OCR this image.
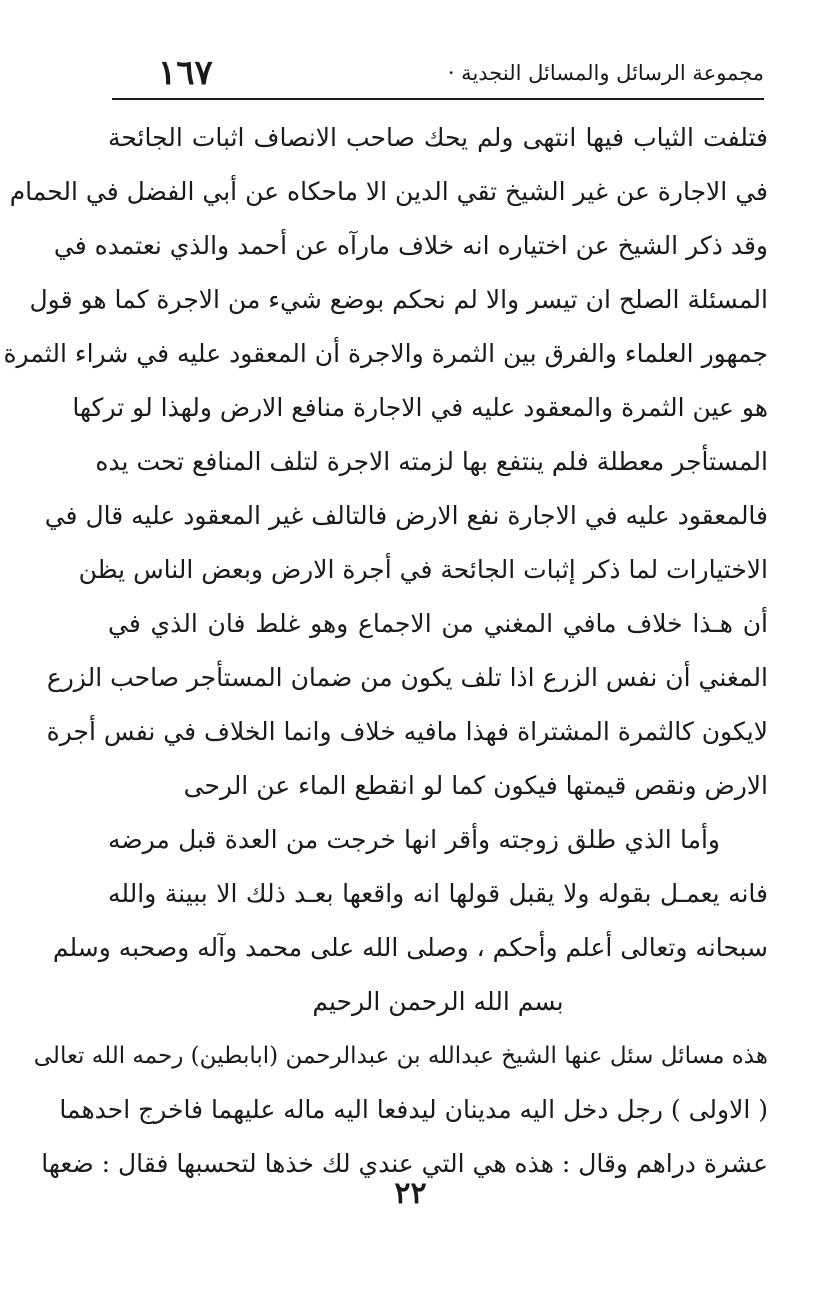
١٦٧	مجموعة الرسائل والمسائل النجدية ·
فتلفت الثياب فيها انتهى ولم يحك صاحب الانصاف اثبات الجائحة
في الاجارة عن غير الشيخ تقي الدين الا ماحكاه عن أبي الفضل في الحمام
وقد ذكر الشيخ عن اختياره انه خلاف مارآه عن أحمد والذي نعتمده في
المسئلة الصلح ان تيسر والا لم نحكم بوضع شيء من الاجرة كما هو قول
جمهور العلماء والفرق بين الثمرة والاجرة أن المعقود عليه في شراء الثمرة
هو عين الثمرة والمعقود عليه في الاجارة منافع الارض ولهذا لو تركها
المستأجر معطلة فلم ينتفع بها لزمته الاجرة لتلف المنافع تحت يده
فالمعقود عليه في الاجارة نفع الارض فالتالف غير المعقود عليه قال في
الاختيارات لما ذكر إثبات الجائحة في أجرة الارض وبعض الناس يظن
أن هـذا خلاف مافي المغني من الاجماع وهو غلط فان الذي في
المغني أن نفس الزرع اذا تلف يكون من ضمان المستأجر صاحب الزرع
لايكون كالثمرة المشتراة فهذا مافيه خلاف وانما الخلاف في نفس أجرة
الارض ونقص قيمتها فيكون كما لو انقطع الماء عن الرحى
وأما الذي طلق زوجته وأقر انها خرجت من العدة قبل مرضه
فانه يعمـل بقوله ولا يقبل قولها انه واقعها بعـد ذلك الا ببينة والله
سبحانه وتعالى أعلم وأحكم ، وصلى الله على محمد وآله وصحبه وسلم
بسم الله الرحمن الرحيم
هذه مسائل سئل عنها الشيخ عبدالله بن عبدالرحمن (ابابطين) رحمه الله تعالى
( الاولى ) رجل دخل اليه مدينان ليدفعا اليه ماله عليهما فاخرج احدهما
عشرة دراهم وقال : هذه هي التي عندي لك خذها لتحسبها فقال : ضعها
٢٢
